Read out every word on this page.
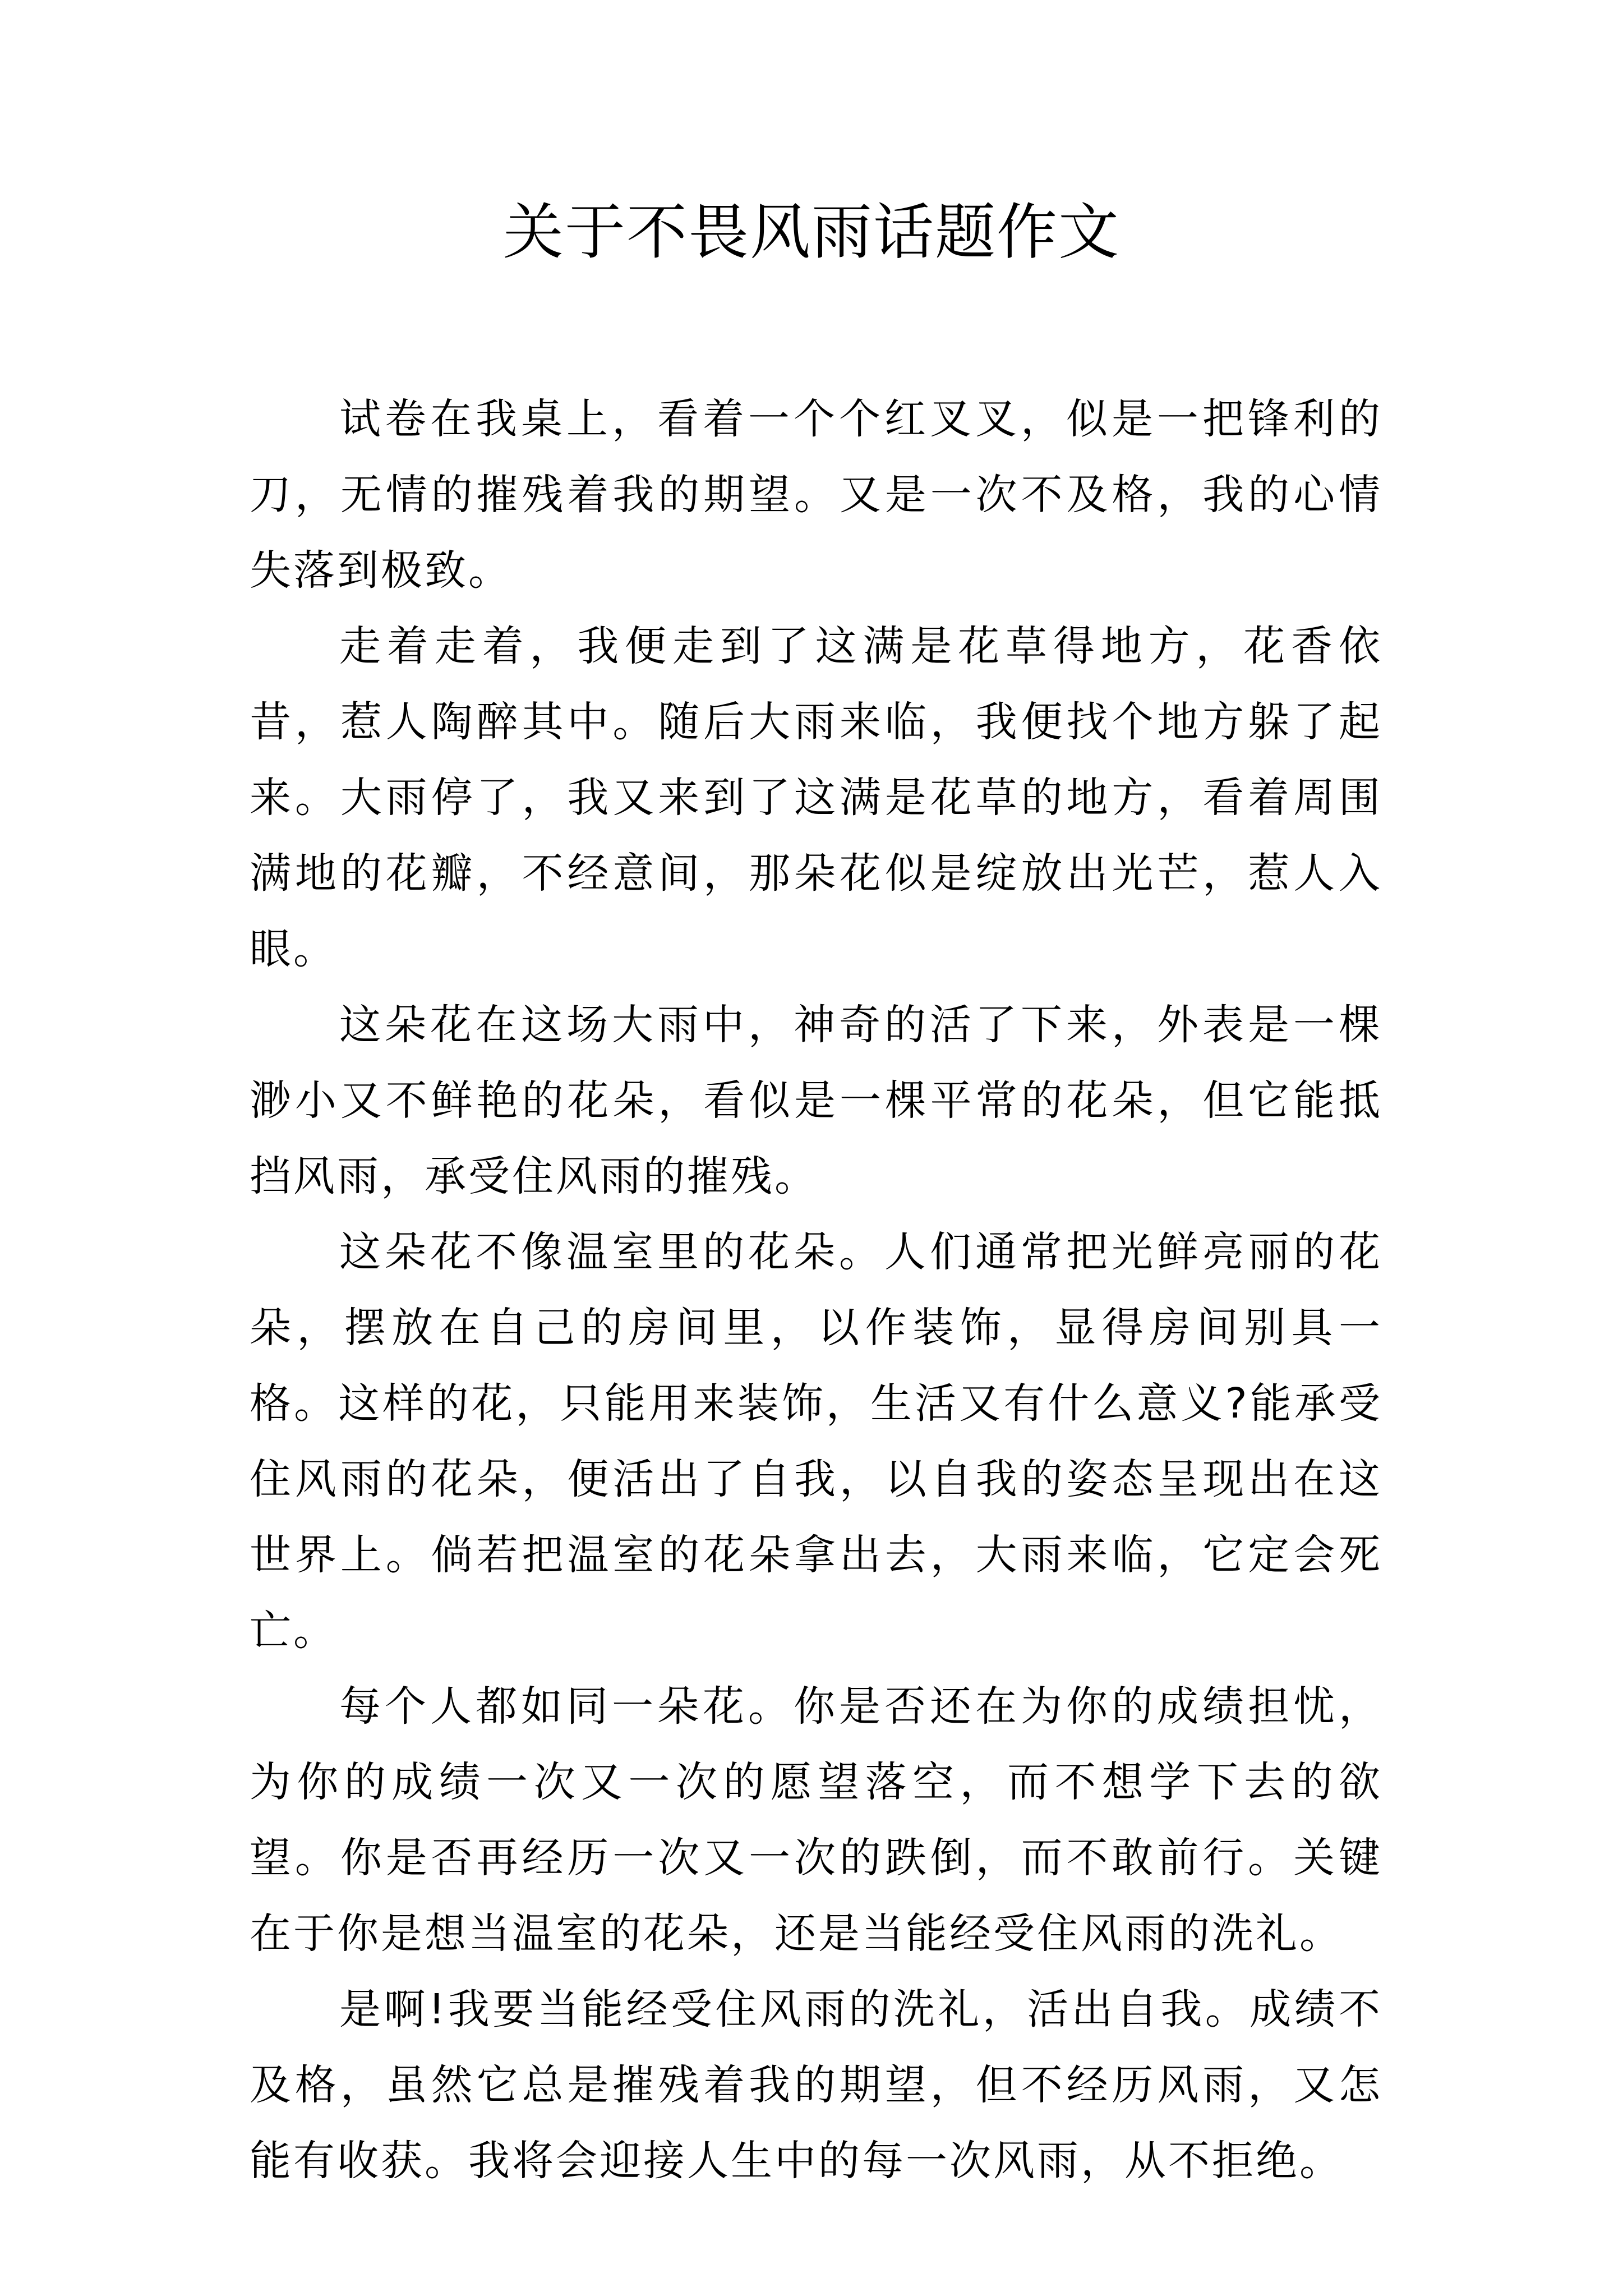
关于不畏风雨话题作文

试卷在我桌上，看着一个个红叉叉，似是一把锋利的刀，无情的摧残着我的期望。又是一次不及格，我的心情失落到极致。

走着走着，我便走到了这满是花草得地方，花香依昔，惹人陶醉其中。随后大雨来临，我便找个地方躲了起来。大雨停了，我又来到了这满是花草的地方，看着周围满地的花瓣，不经意间，那朵花似是绽放出光芒，惹人入眼。

这朵花在这场大雨中，神奇的活了下来，外表是一棵渺小又不鲜艳的花朵，看似是一棵平常的花朵，但它能抵挡风雨，承受住风雨的摧残。

这朵花不像温室里的花朵。人们通常把光鲜亮丽的花朵，摆放在自己的房间里，以作装饰，显得房间别具一格。这样的花，只能用来装饰，生活又有什么意义?能承受住风雨的花朵，便活出了自我，以自我的姿态呈现出在这世界上。倘若把温室的花朵拿出去，大雨来临，它定会死亡。

每个人都如同一朵花。你是否还在为你的成绩担忧，为你的成绩一次又一次的愿望落空，而不想学下去的欲望。你是否再经历一次又一次的跌倒，而不敢前行。关键在于你是想当温室的花朵，还是当能经受住风雨的洗礼。

是啊!我要当能经受住风雨的洗礼，活出自我。成绩不及格，虽然它总是摧残着我的期望，但不经历风雨，又怎能有收获。我将会迎接人生中的每一次风雨，从不拒绝。
